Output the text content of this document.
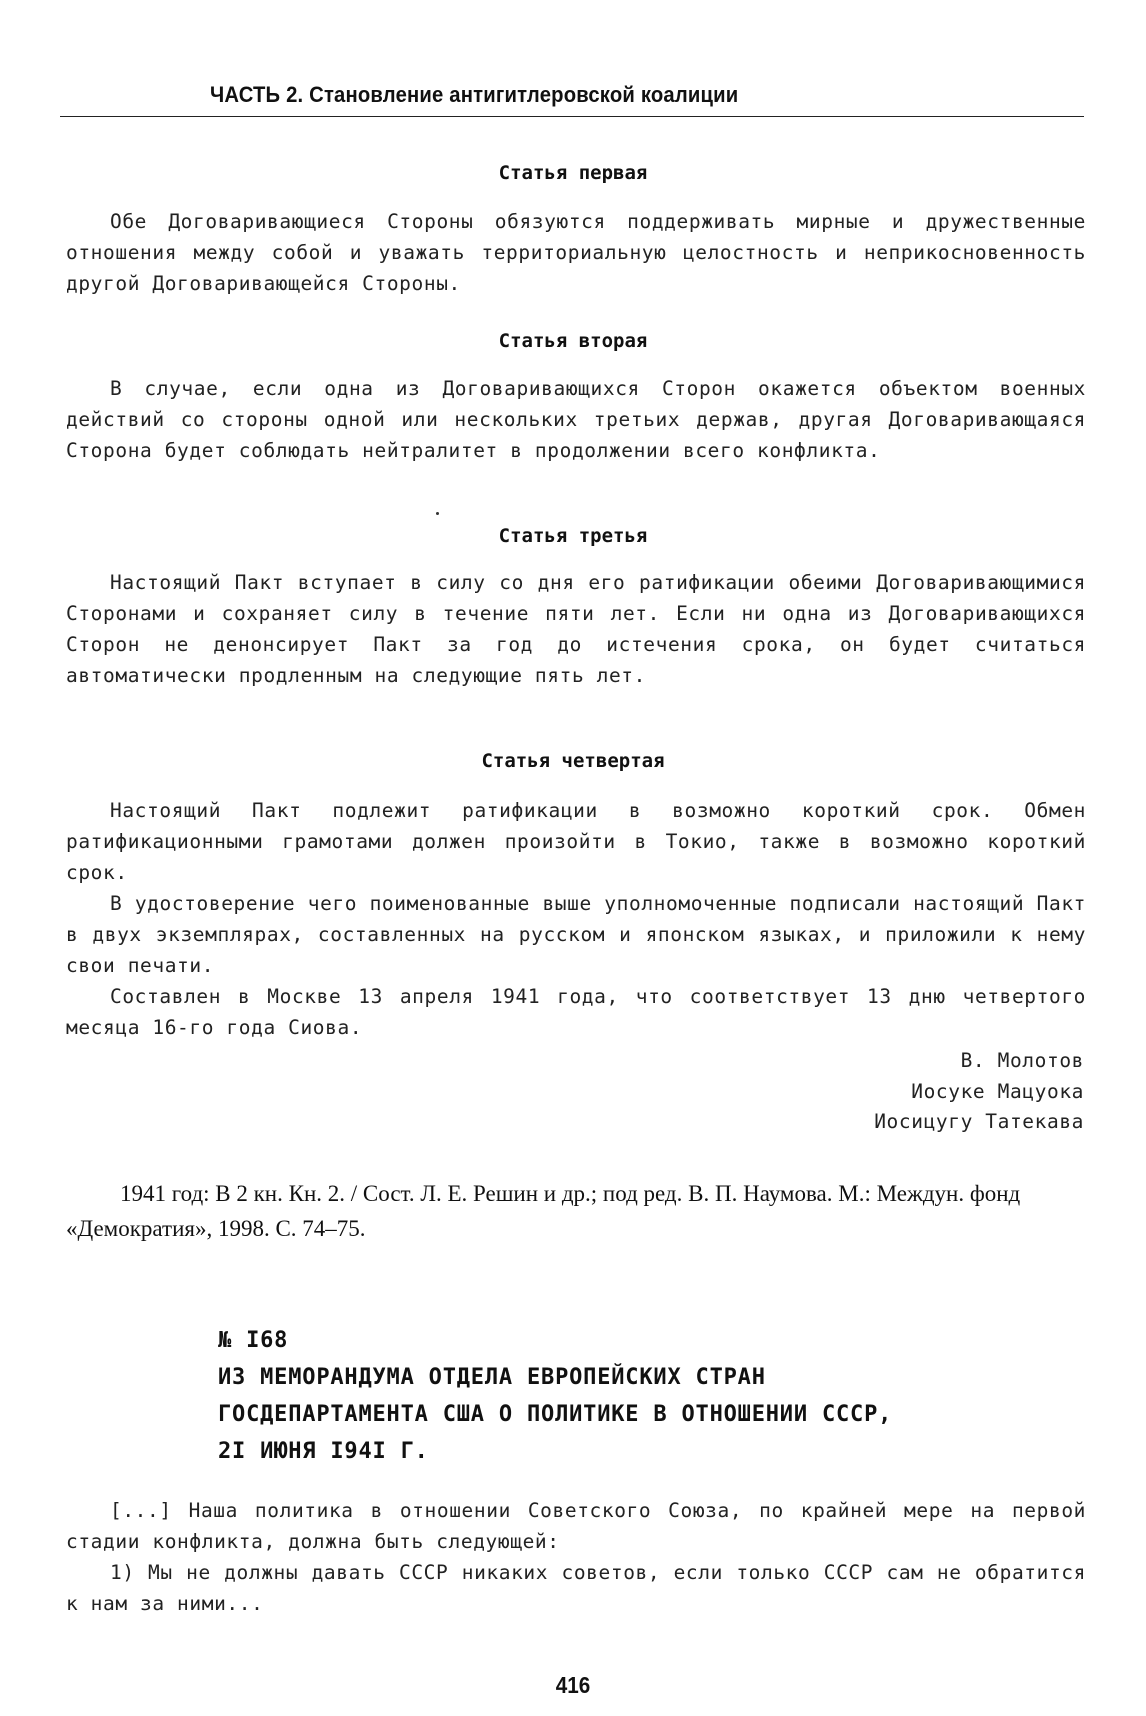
ЧАСТЬ 2. Становление антигитлеровской коалиции
Статья первая

Обе Договаривающиеся Стороны обязуются поддерживать мирные и дружественные отношения между собой и уважать территориальную целостность и неприкосновенность другой Договаривающейся Стороны.

Статья вторая

В случае, если одна из Договаривающихся Сторон окажется объектом военных действий со стороны одной или нескольких третьих держав, другая Договаривающаяся Сторона будет соблюдать нейтралитет в продолжении всего конфликта.

Статья третья

Настоящий Пакт вступает в силу со дня его ратификации обеими Договаривающимися Сторонами и сохраняет силу в течение пяти лет. Если ни одна из Договаривающихся Сторон не денонсирует Пакт за год до истечения срока, он будет считаться автоматически продленным на следующие пять лет.

Статья четвертая

Настоящий Пакт подлежит ратификации в возможно короткий срок. Обмен ратификационными грамотами должен произойти в Токио, также в возможно короткий срок.

В удостоверение чего поименованные выше уполномоченные подписали настоящий Пакт в двух экземплярах, составленных на русском и японском языках, и приложили к нему свои печати.

Составлен в Москве 13 апреля 1941 года, что соответствует 13 дню четвертого месяца 16-го года Сиова.

В. Молотов
Иосуке Мацуока
Иосицугу Татекава

1941 год: В 2 кн. Кн. 2. / Сост. Л. Е. Решин и др.; под ред. В. П. Наумова. М.: Междун. фонд «Демократия», 1998. С. 74–75.

№ I68
ИЗ МЕМОРАНДУМА ОТДЕЛА ЕВРОПЕЙСКИХ СТРАН
ГОСДЕПАРТАМЕНТА США О ПОЛИТИКЕ В ОТНОШЕНИИ СССР,
2I ИЮНЯ I94I Г.

[...] Наша политика в отношении Советского Союза, по крайней мере на первой стадии конфликта, должна быть следующей:

1) Мы не должны давать СССР никаких советов, если только СССР сам не обратится к нам за ними...

416
